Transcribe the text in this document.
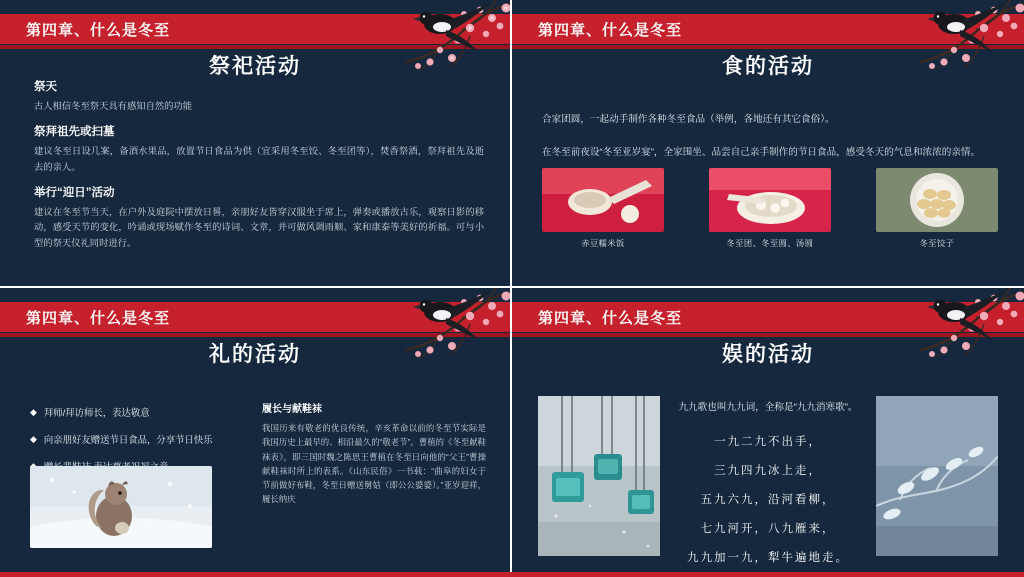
第四章、什么是冬至
祭祀活动
祭天

古人相信冬至祭天具有感知自然的功能

祭拜祖先或扫墓

建议冬至日设几案，备酒水果品，放置节日食品为供（宜采用冬至饺、冬至团等），焚香祭酒，祭拜祖先及逝去的亲人。

举行“迎日”活动

建议在冬至节当天，在户外及庭院中摆放日晷，亲朋好友皆穿汉服坐于席上，弹奏或播放古乐，观察日影的移动，感受天节的变化，吟诵或现场赋作冬至的诗词、文章，并可做风调雨顺、家和康泰等美好的祈福。可与小型的祭天仪礼同时进行。

第四章、什么是冬至
食的活动

合家团圆，一起动手制作各种冬至食品（举例，各地还有其它食俗）。

在冬至前夜设“冬至亚岁宴”，全家围坐、品尝自己亲手制作的节日食品，感受冬天的气息和浓浓的亲情。

赤豆糯米饭	冬至团、冬至圆、汤圆	冬至饺子
第四章、什么是冬至
礼的活动
◆ 拜师/拜访师长，表达敬意
◆ 向亲朋好友赠送节日食品，分享节日快乐
履长与献鞋袜

我国历来有敬老的优良传统，辛亥革命以前的冬至节实际是我国历史上最早的、相沿最久的“敬老节”。曹植的《冬至献鞋袜表》，即三国时魏之陈思王曹植在冬至日向他的“父王”曹操献鞋袜时所上的表系。《山东民俗》一书载：“曲阜的妇女于节前做好布鞋，冬至日赠送舅姑（即公公婆婆）。”亚岁迎祥，履长纳庆

第四章、什么是冬至
娱的活动

九九歌也叫九九词，全称是“九九消寒歌”。

一九二九不出手，
三九四九冰上走，
五九六九，沿河看柳，
七九河开，八九雁来，
九九加一九，犁牛遍地走。
